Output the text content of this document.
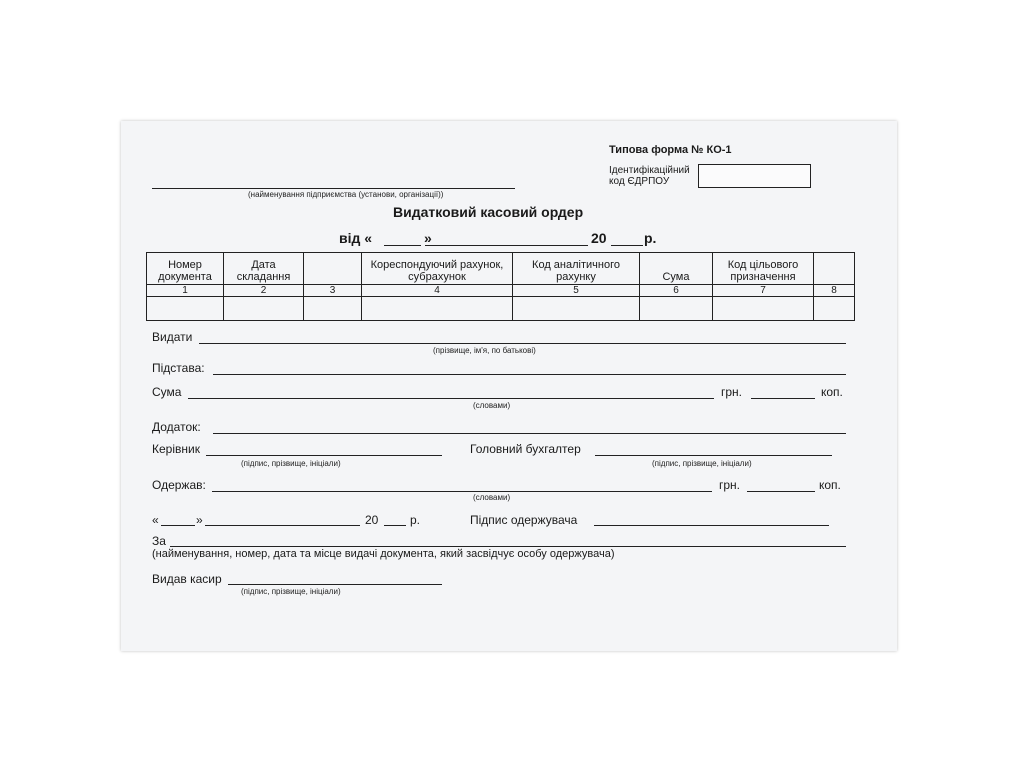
Типова форма № КО-1
Ідентифікаційний
код ЄДРПОУ
(найменування підприємства (установи, організації))
Видатковий касовий ордер
від «	»	20	р.
Номер документа	Дата складання		Кореспондуючий рахунок, субрахунок	Код аналітичного рахунку	Сума	Код цільового призначення	
1	2	3	4	5	6	7	8

Видати
(прізвище, ім'я, по батькові)
Підстава:
Сума	грн.	коп.
(словами)
Додаток:
Керівник
(підпис, прізвище, ініціали)
Головний бухгалтер
(підпис, прізвище, ініціали)
Одержав:	грн.	коп.
(словами)
«	»	20	р.	Підпис одержувача
За
(найменування, номер, дата та місце видачі документа, який засвідчує особу одержувача)
Видав касир
(підпис, прізвище, ініціали)
